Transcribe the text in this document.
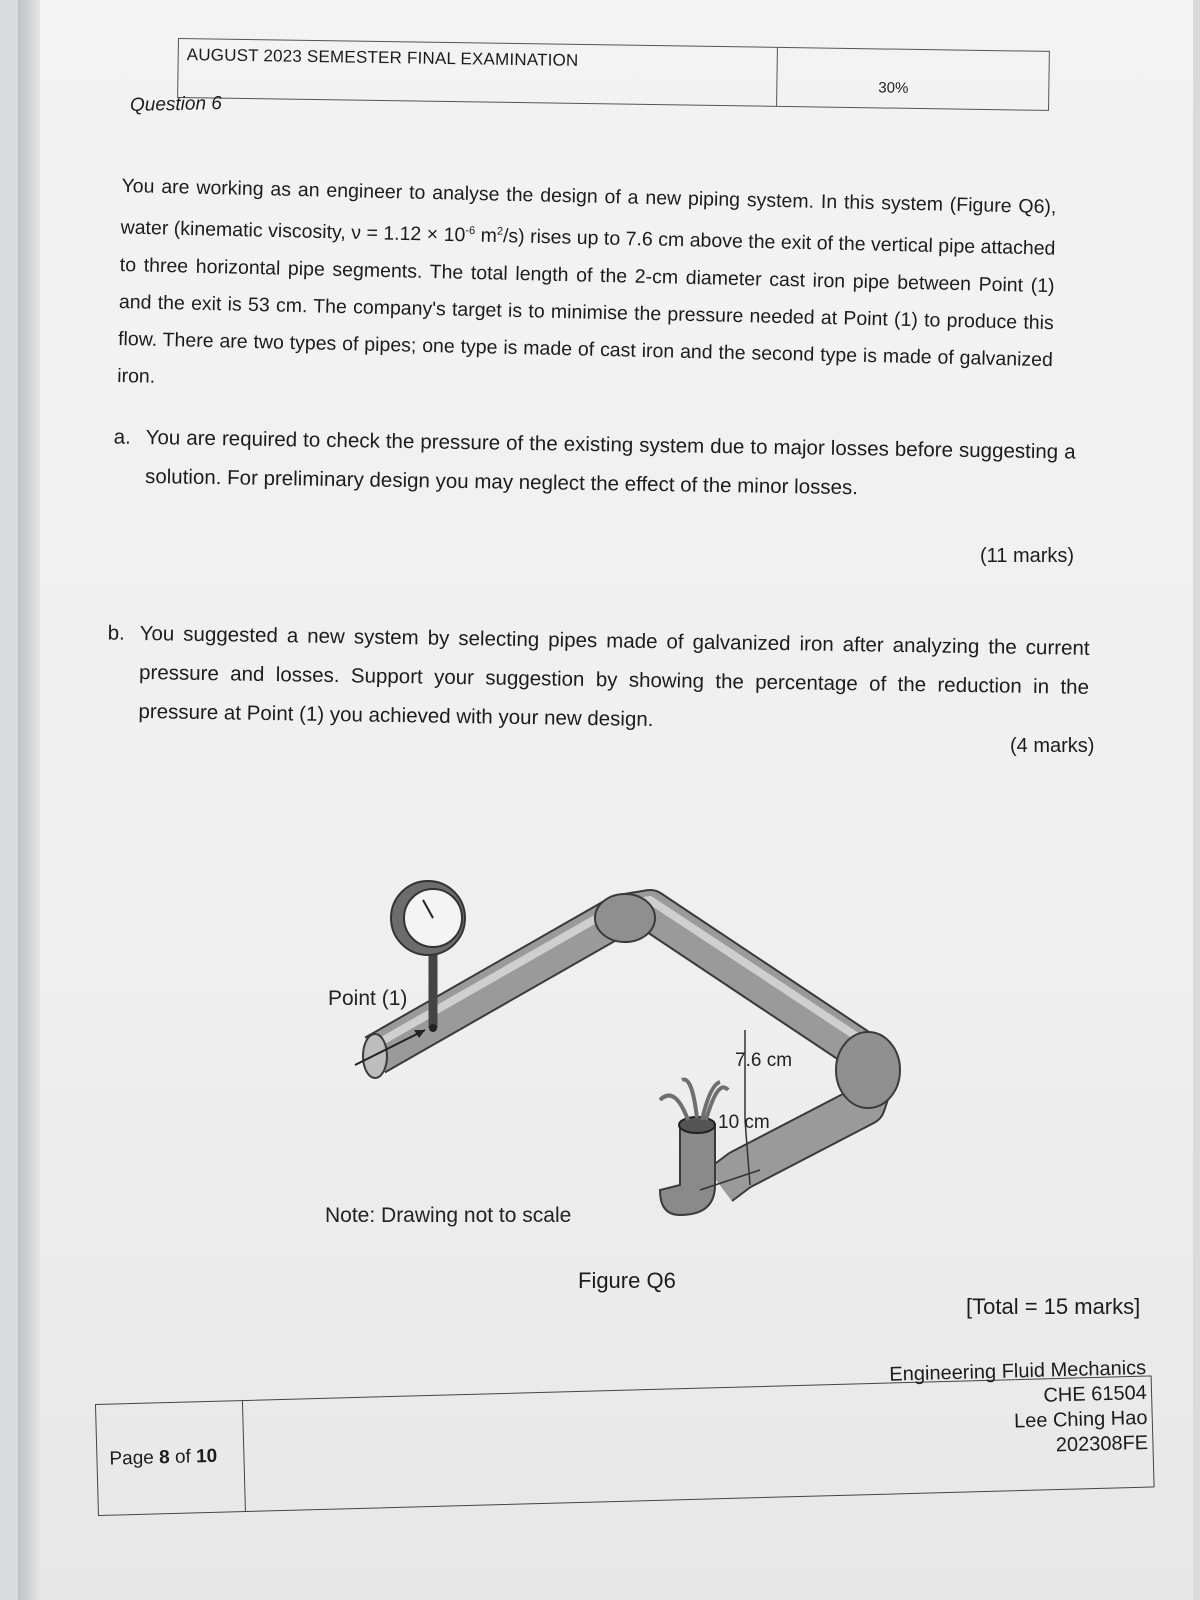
AUGUST 2023 SEMESTER FINAL EXAMINATION
30%
Question 6
You are working as an engineer to analyse the design of a new piping system. In this system (Figure Q6), water (kinematic viscosity, $\nu = 1.12 \times 10^{-6}$ $m^2/s$) rises up to 7.6 cm above the exit of the vertical pipe attached to three horizontal pipe segments. The total length of the 2-cm diameter cast iron pipe between Point (1) and the exit is 53 cm. The company's target is to minimise the pressure needed at Point (1) to produce this flow. There are two types of pipes; one type is made of cast iron and the second type is made of galvanized iron.
a. You are required to check the pressure of the existing system due to major losses before suggesting a solution. For preliminary design you may neglect the effect of the minor losses.
(11 marks)
b. You suggested a new system by selecting pipes made of galvanized iron after analyzing the current pressure and losses. Support your suggestion by showing the percentage of the reduction in the pressure at Point (1) you achieved with your new design.
(4 marks)
Point (1)
7.6 cm
10 cm
Note: Drawing not to scale
Figure Q6
[Total = 15 marks]
Page 8 of 10
Engineering Fluid Mechanics
CHE 61504
Lee Ching Hao
202308FE
